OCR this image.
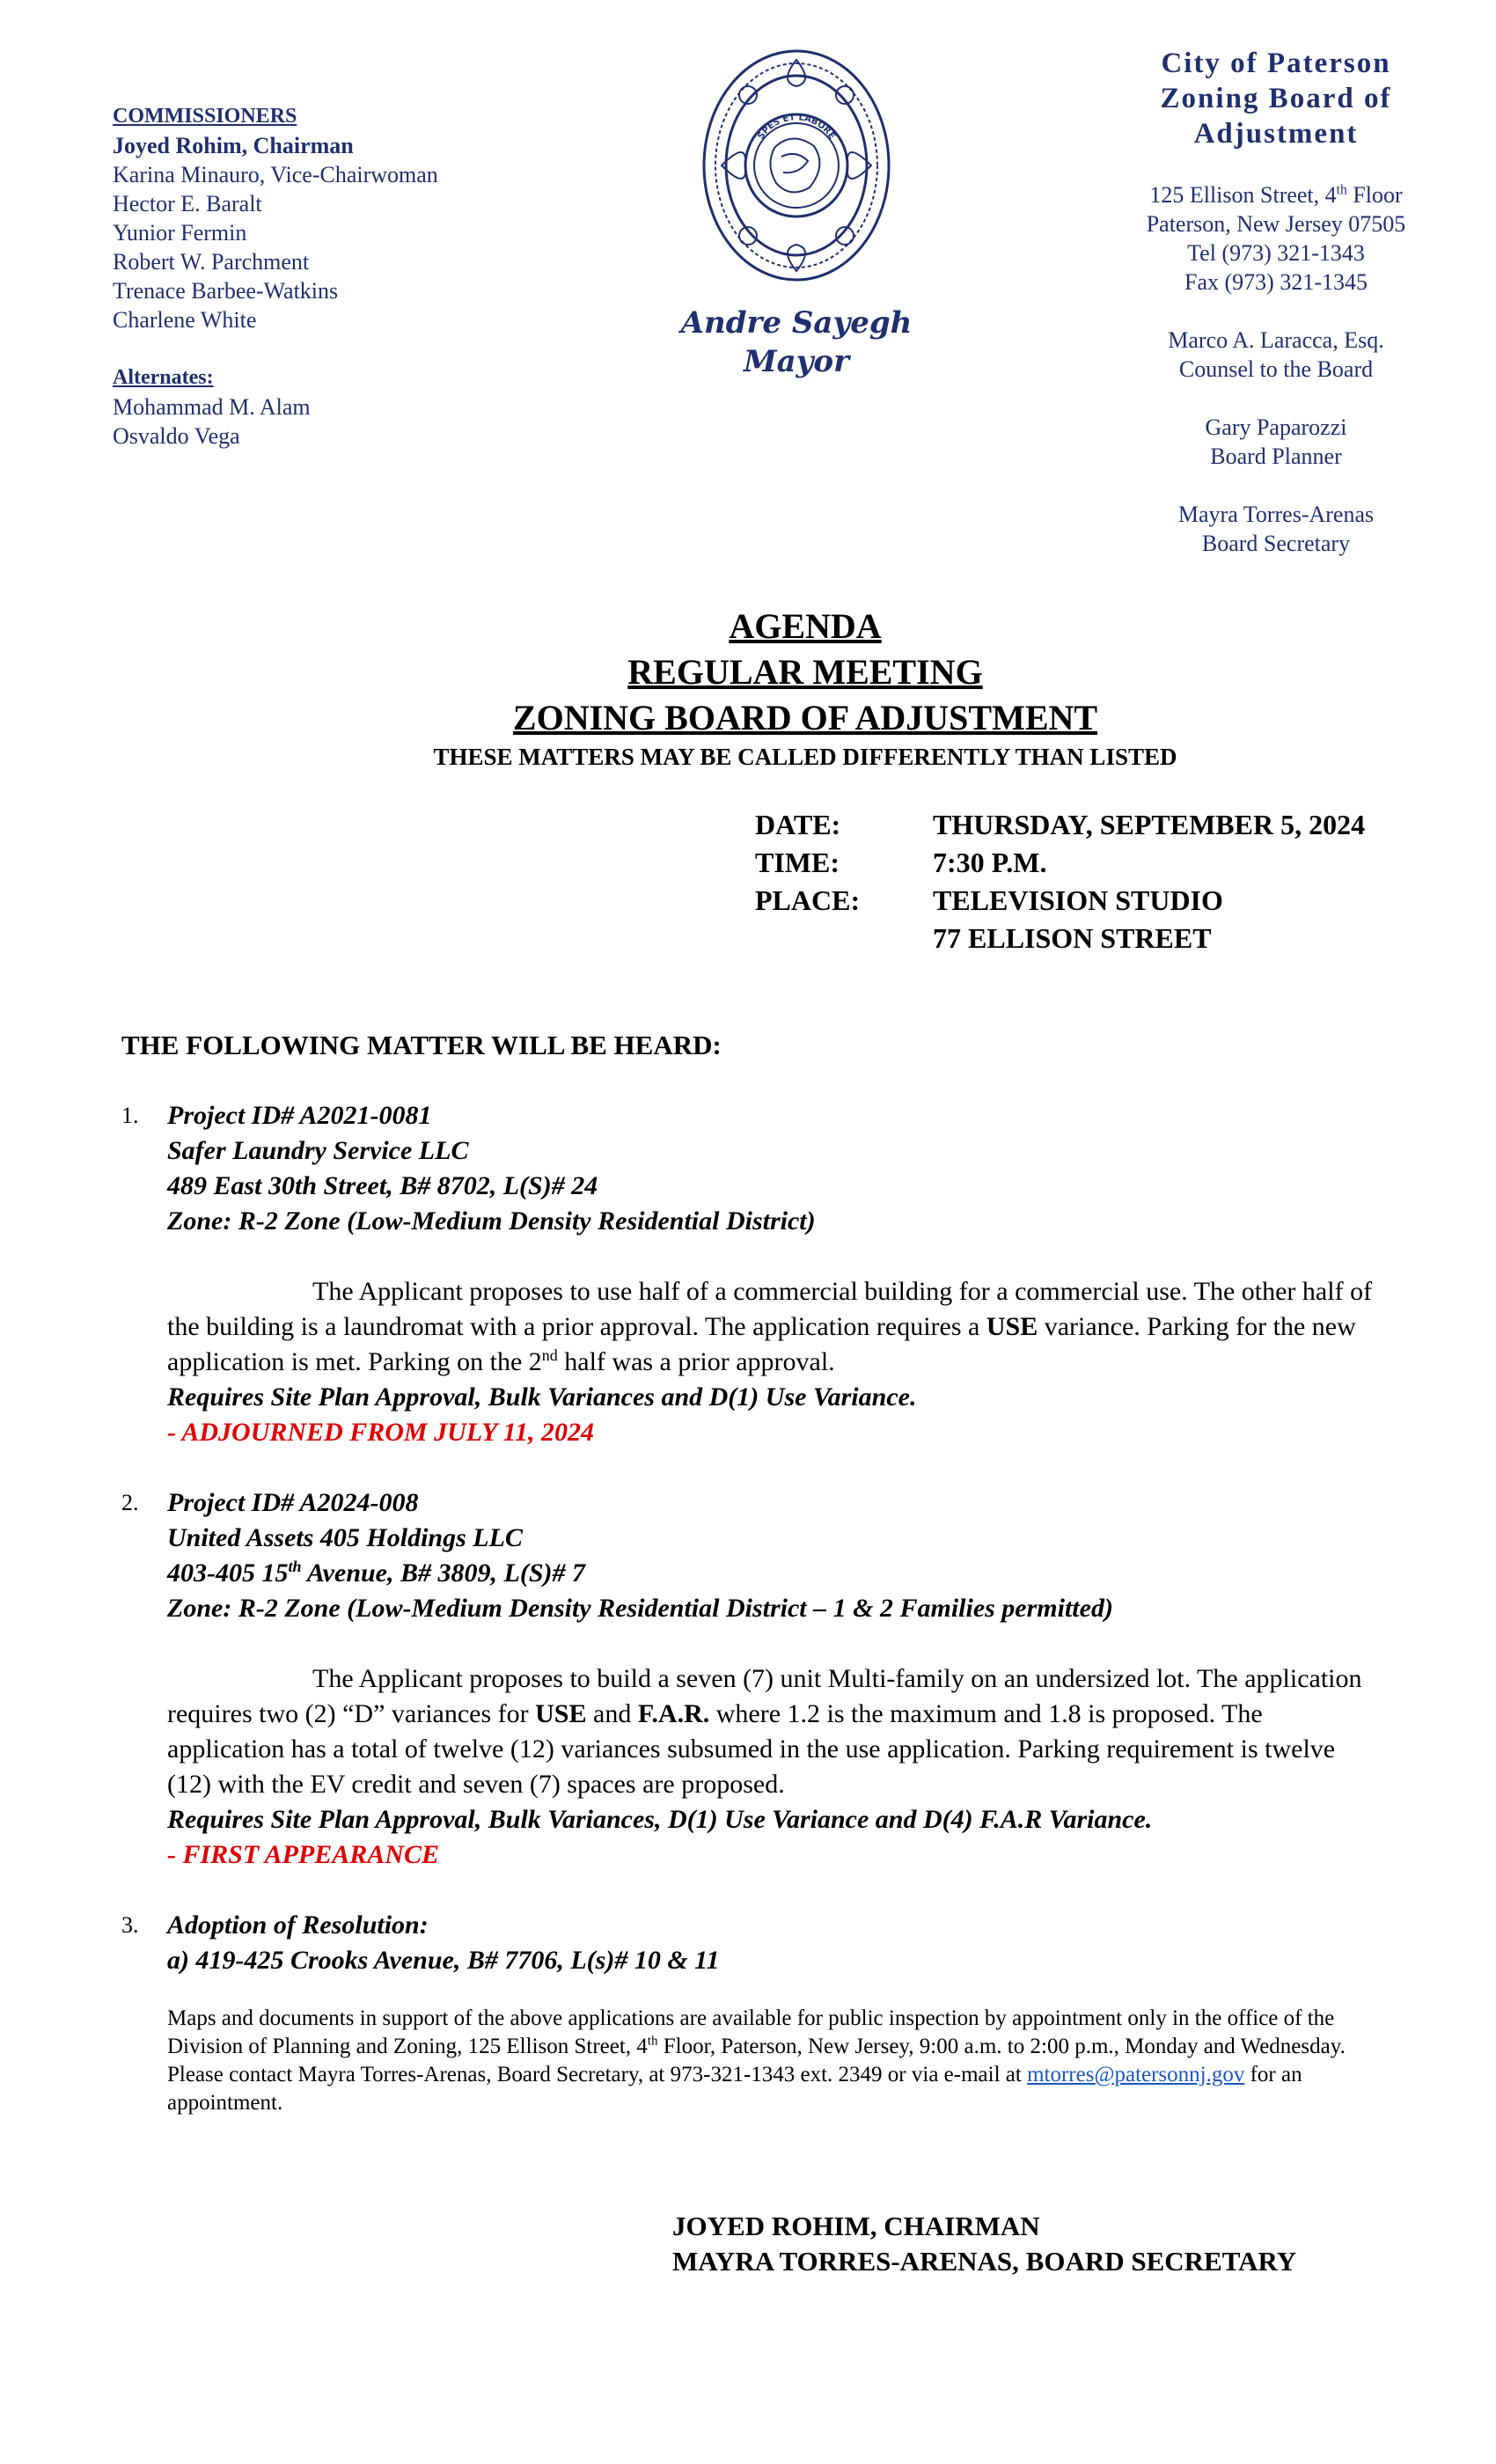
COMMISSIONERS
Joyed Rohim, Chairman
Karina Minauro, Vice-Chairwoman
Hector E. Baralt
Yunior Fermin
Robert W. Parchment
Trenace Barbee-Watkins
Charlene White
Alternates:
Mohammad M. Alam
Osvaldo Vega
SPES ET LABORE
Andre Sayegh
Mayor
City of Paterson
Zoning Board of
Adjustment
125 Ellison Street, 4th Floor
Paterson, New Jersey 07505
Tel (973) 321-1343
Fax (973) 321-1345
Marco A. Laracca, Esq.
Counsel to the Board
Gary Paparozzi
Board Planner
Mayra Torres-Arenas
Board Secretary
AGENDA
REGULAR MEETING
ZONING BOARD OF ADJUSTMENT
THESE MATTERS MAY BE CALLED DIFFERENTLY THAN LISTED
DATE:	THURSDAY, SEPTEMBER 5, 2024
TIME:	7:30 P.M.
PLACE:	TELEVISION STUDIO
77 ELLISON STREET
THE FOLLOWING MATTER WILL BE HEARD:
1. Project ID# A2021-0081
Safer Laundry Service LLC
489 East 30th Street, B# 8702, L(S)# 24
Zone: R-2 Zone (Low-Medium Density Residential District)
The Applicant proposes to use half of a commercial building for a commercial use. The other half of the building is a laundromat with a prior approval. The application requires a USE variance. Parking for the new application is met. Parking on the 2nd half was a prior approval.
Requires Site Plan Approval, Bulk Variances and D(1) Use Variance.
- ADJOURNED FROM JULY 11, 2024
2. Project ID# A2024-008
United Assets 405 Holdings LLC
403-405 15th Avenue, B# 3809, L(S)# 7
Zone: R-2 Zone (Low-Medium Density Residential District – 1 & 2 Families permitted)
The Applicant proposes to build a seven (7) unit Multi-family on an undersized lot. The application requires two (2) “D” variances for USE and F.A.R. where 1.2 is the maximum and 1.8 is proposed. The application has a total of twelve (12) variances subsumed in the use application. Parking requirement is twelve (12) with the EV credit and seven (7) spaces are proposed.
Requires Site Plan Approval, Bulk Variances, D(1) Use Variance and D(4) F.A.R Variance.
- FIRST APPEARANCE
3. Adoption of Resolution:
a) 419-425 Crooks Avenue, B# 7706, L(s)# 10 & 11
Maps and documents in support of the above applications are available for public inspection by appointment only in the office of the Division of Planning and Zoning, 125 Ellison Street, 4th Floor, Paterson, New Jersey, 9:00 a.m. to 2:00 p.m., Monday and Wednesday. Please contact Mayra Torres-Arenas, Board Secretary, at 973-321-1343 ext. 2349 or via e-mail at mtorres@patersonnj.gov for an appointment.
JOYED ROHIM, CHAIRMAN
MAYRA TORRES-ARENAS, BOARD SECRETARY
